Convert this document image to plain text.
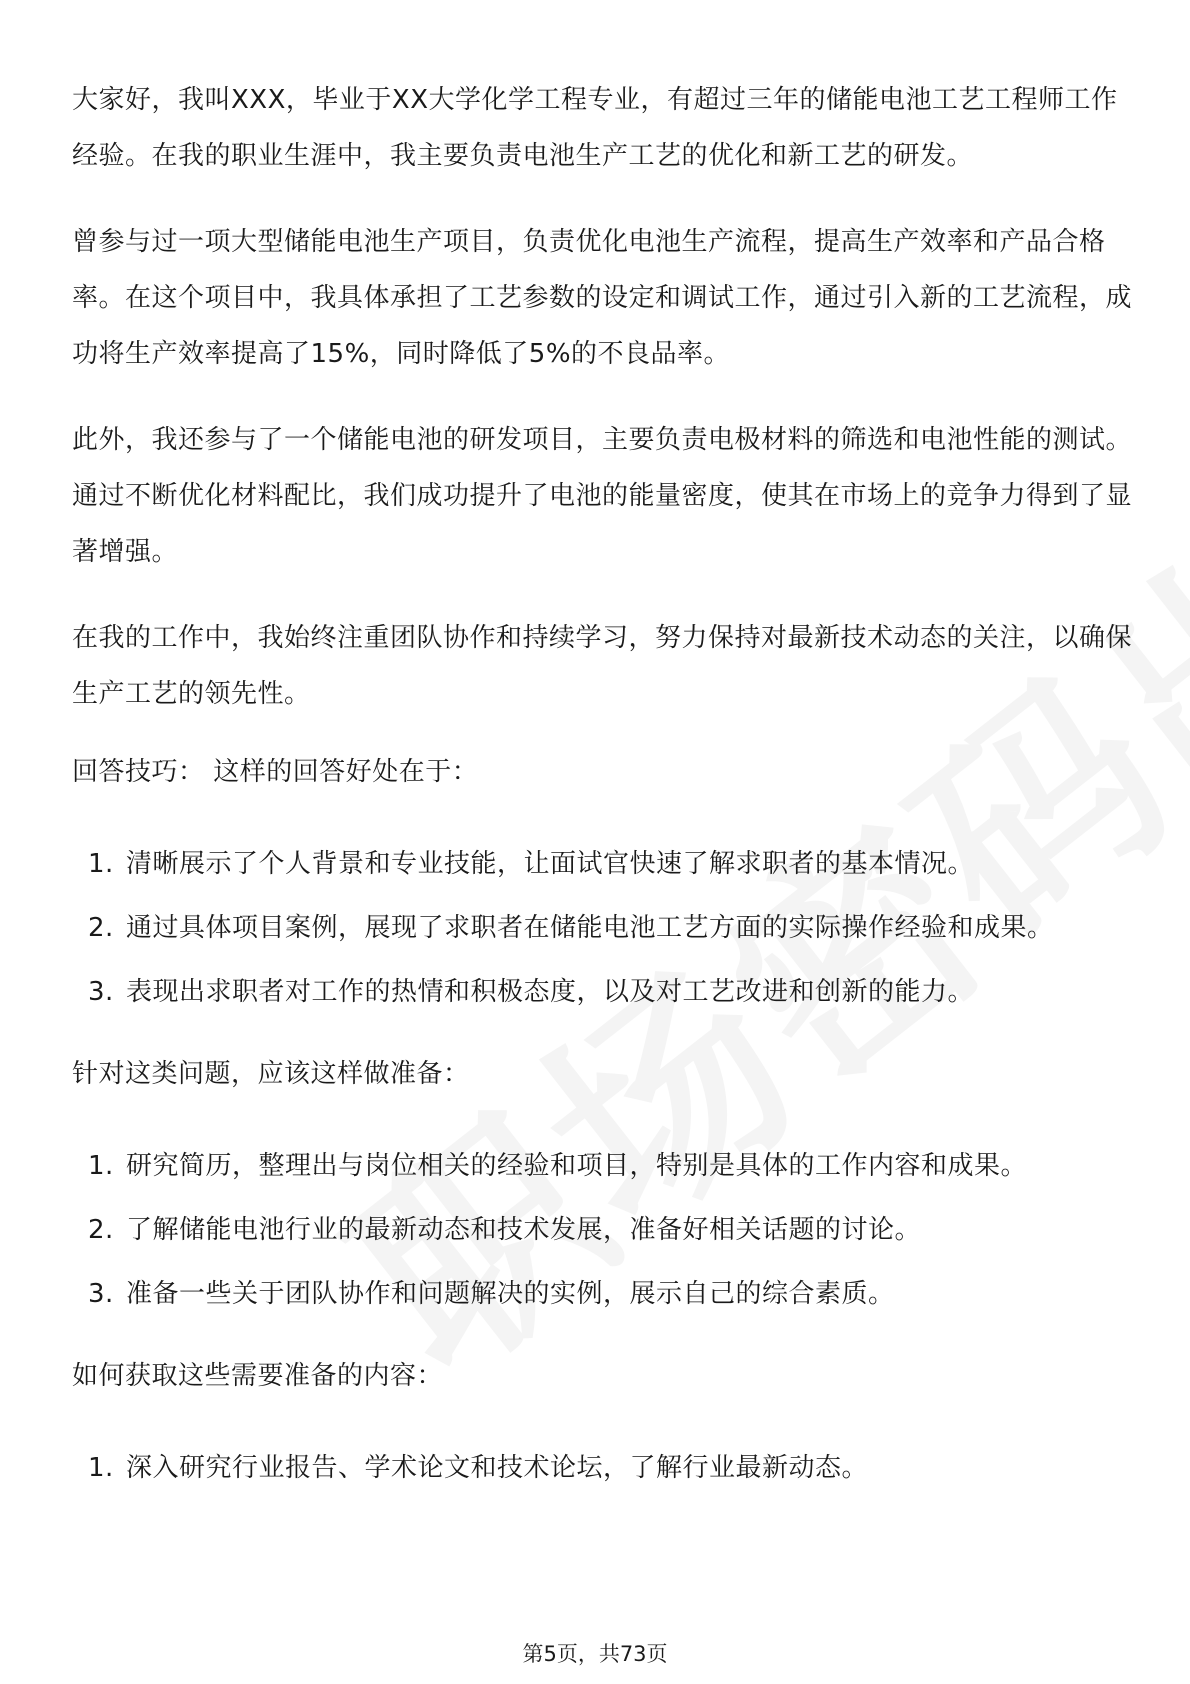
大家好，我叫XXX，毕业于XX大学化学工程专业，有超过三年的储能电池工艺工程师工作经验。在我的职业生涯中，我主要负责电池生产工艺的优化和新工艺的研发。

曾参与过一项大型储能电池生产项目，负责优化电池生产流程，提高生产效率和产品合格率。在这个项目中，我具体承担了工艺参数的设定和调试工作，通过引入新的工艺流程，成功将生产效率提高了15%，同时降低了5%的不良品率。

此外，我还参与了一个储能电池的研发项目，主要负责电极材料的筛选和电池性能的测试。通过不断优化材料配比，我们成功提升了电池的能量密度，使其在市场上的竞争力得到了显著增强。

在我的工作中，我始终注重团队协作和持续学习，努力保持对最新技术动态的关注，以确保生产工艺的领先性。

回答技巧： 这样的回答好处在于：

1. 清晰展示了个人背景和专业技能，让面试官快速了解求职者的基本情况。
2. 通过具体项目案例，展现了求职者在储能电池工艺方面的实际操作经验和成果。
3. 表现出求职者对工作的热情和积极态度，以及对工艺改进和创新的能力。

针对这类问题，应该这样做准备：

1. 研究简历，整理出与岗位相关的经验和项目，特别是具体的工作内容和成果。
2. 了解储能电池行业的最新动态和技术发展，准备好相关话题的讨论。
3. 准备一些关于团队协作和问题解决的实例，展示自己的综合素质。

如何获取这些需要准备的内容：

1. 深入研究行业报告、学术论文和技术论坛，了解行业最新动态。
第5页，共73页
